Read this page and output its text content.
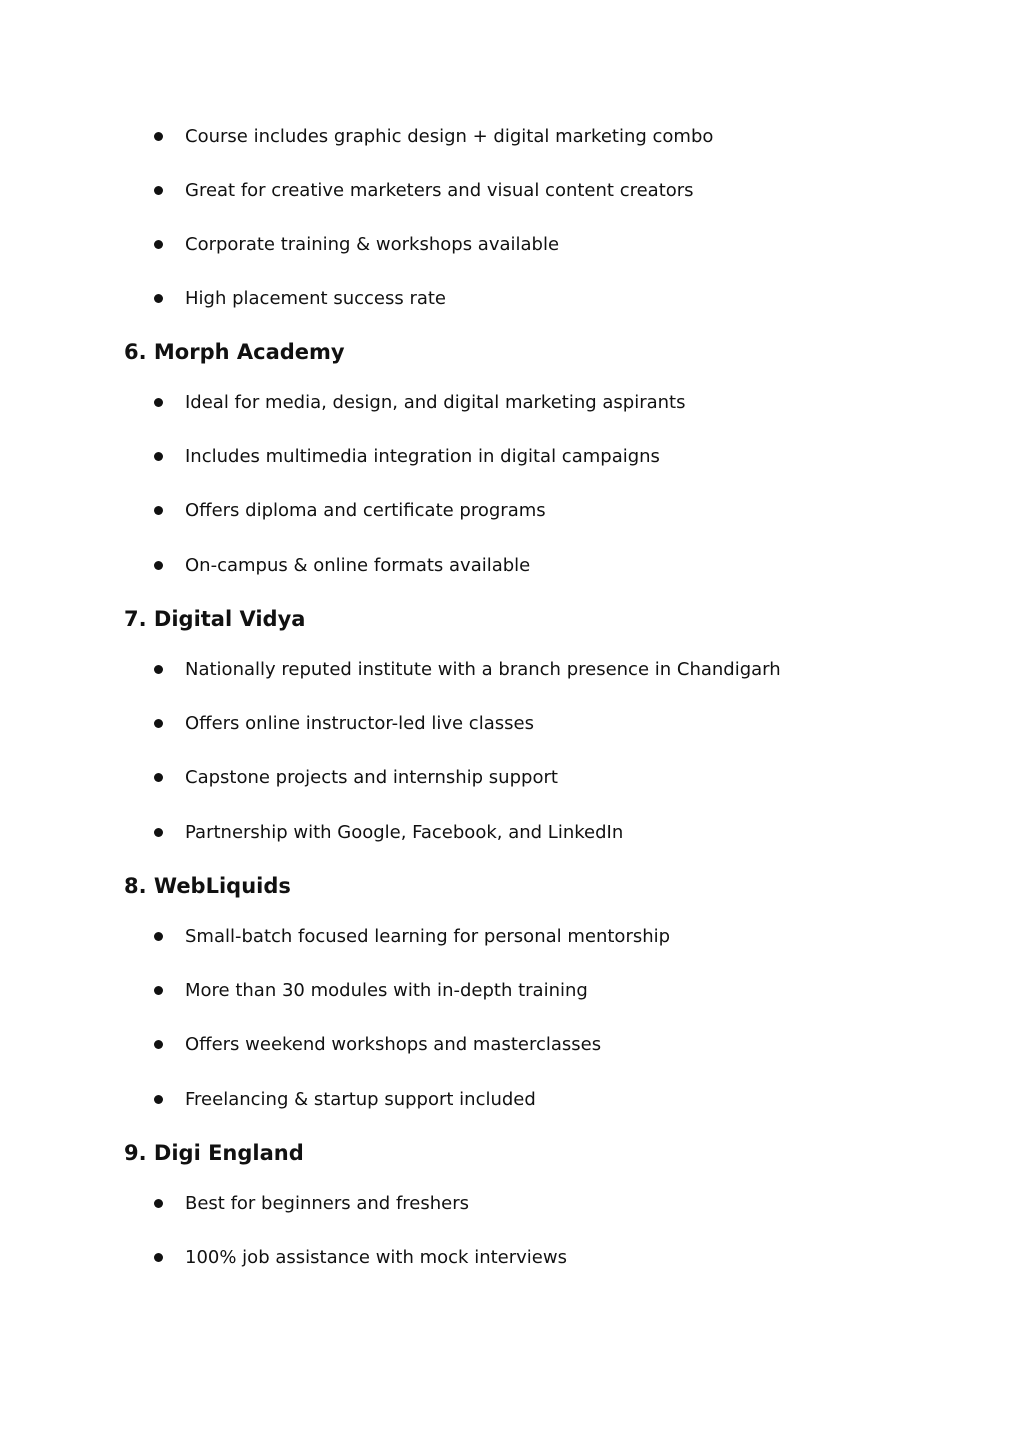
Course includes graphic design + digital marketing combo
Great for creative marketers and visual content creators
Corporate training & workshops available
High placement success rate
6. Morph Academy
Ideal for media, design, and digital marketing aspirants
Includes multimedia integration in digital campaigns
Offers diploma and certificate programs
On-campus & online formats available
7. Digital Vidya
Nationally reputed institute with a branch presence in Chandigarh
Offers online instructor-led live classes
Capstone projects and internship support
Partnership with Google, Facebook, and LinkedIn
8. WebLiquids
Small-batch focused learning for personal mentorship
More than 30 modules with in-depth training
Offers weekend workshops and masterclasses
Freelancing & startup support included
9. Digi England
Best for beginners and freshers
100% job assistance with mock interviews
